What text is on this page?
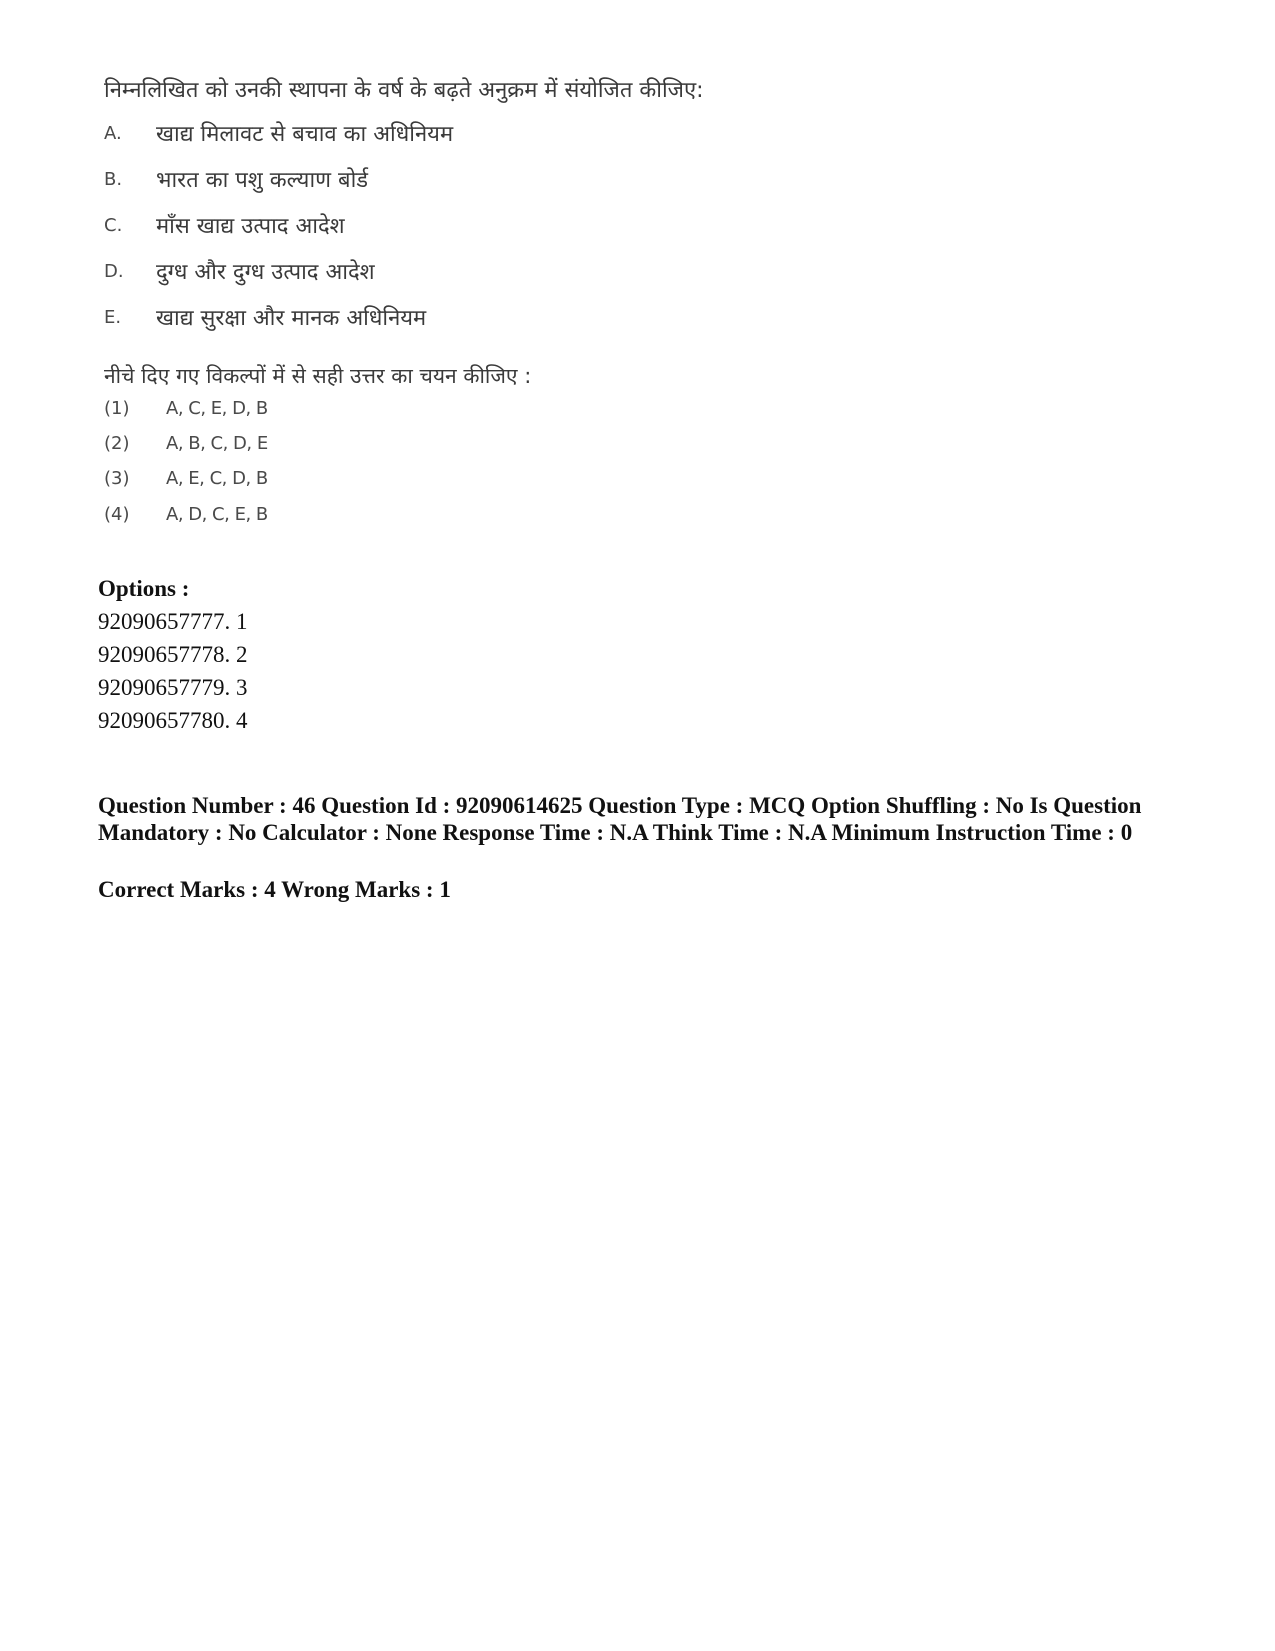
निम्नलिखित को उनकी स्थापना के वर्ष के बढ़ते अनुक्रम में संयोजित कीजिए:
A.	खाद्य मिलावट से बचाव का अधिनियम
B.	भारत का पशु कल्याण बोर्ड
C.	माँस खाद्य उत्पाद आदेश
D.	दुग्ध और दुग्ध उत्पाद आदेश
E.	खाद्य सुरक्षा और मानक अधिनियम
नीचे दिए गए विकल्पों में से सही उत्तर का चयन कीजिए :
(1)	A, C, E, D, B
(2)	A, B, C, D, E
(3)	A, E, C, D, B
(4)	A, D, C, E, B
Options :
92090657777. 1
92090657778. 2
92090657779. 3
92090657780. 4
Question Number : 46 Question Id : 92090614625 Question Type : MCQ Option Shuffling : No Is Question Mandatory : No Calculator : None Response Time : N.A Think Time : N.A Minimum Instruction Time : 0
Correct Marks : 4 Wrong Marks : 1
